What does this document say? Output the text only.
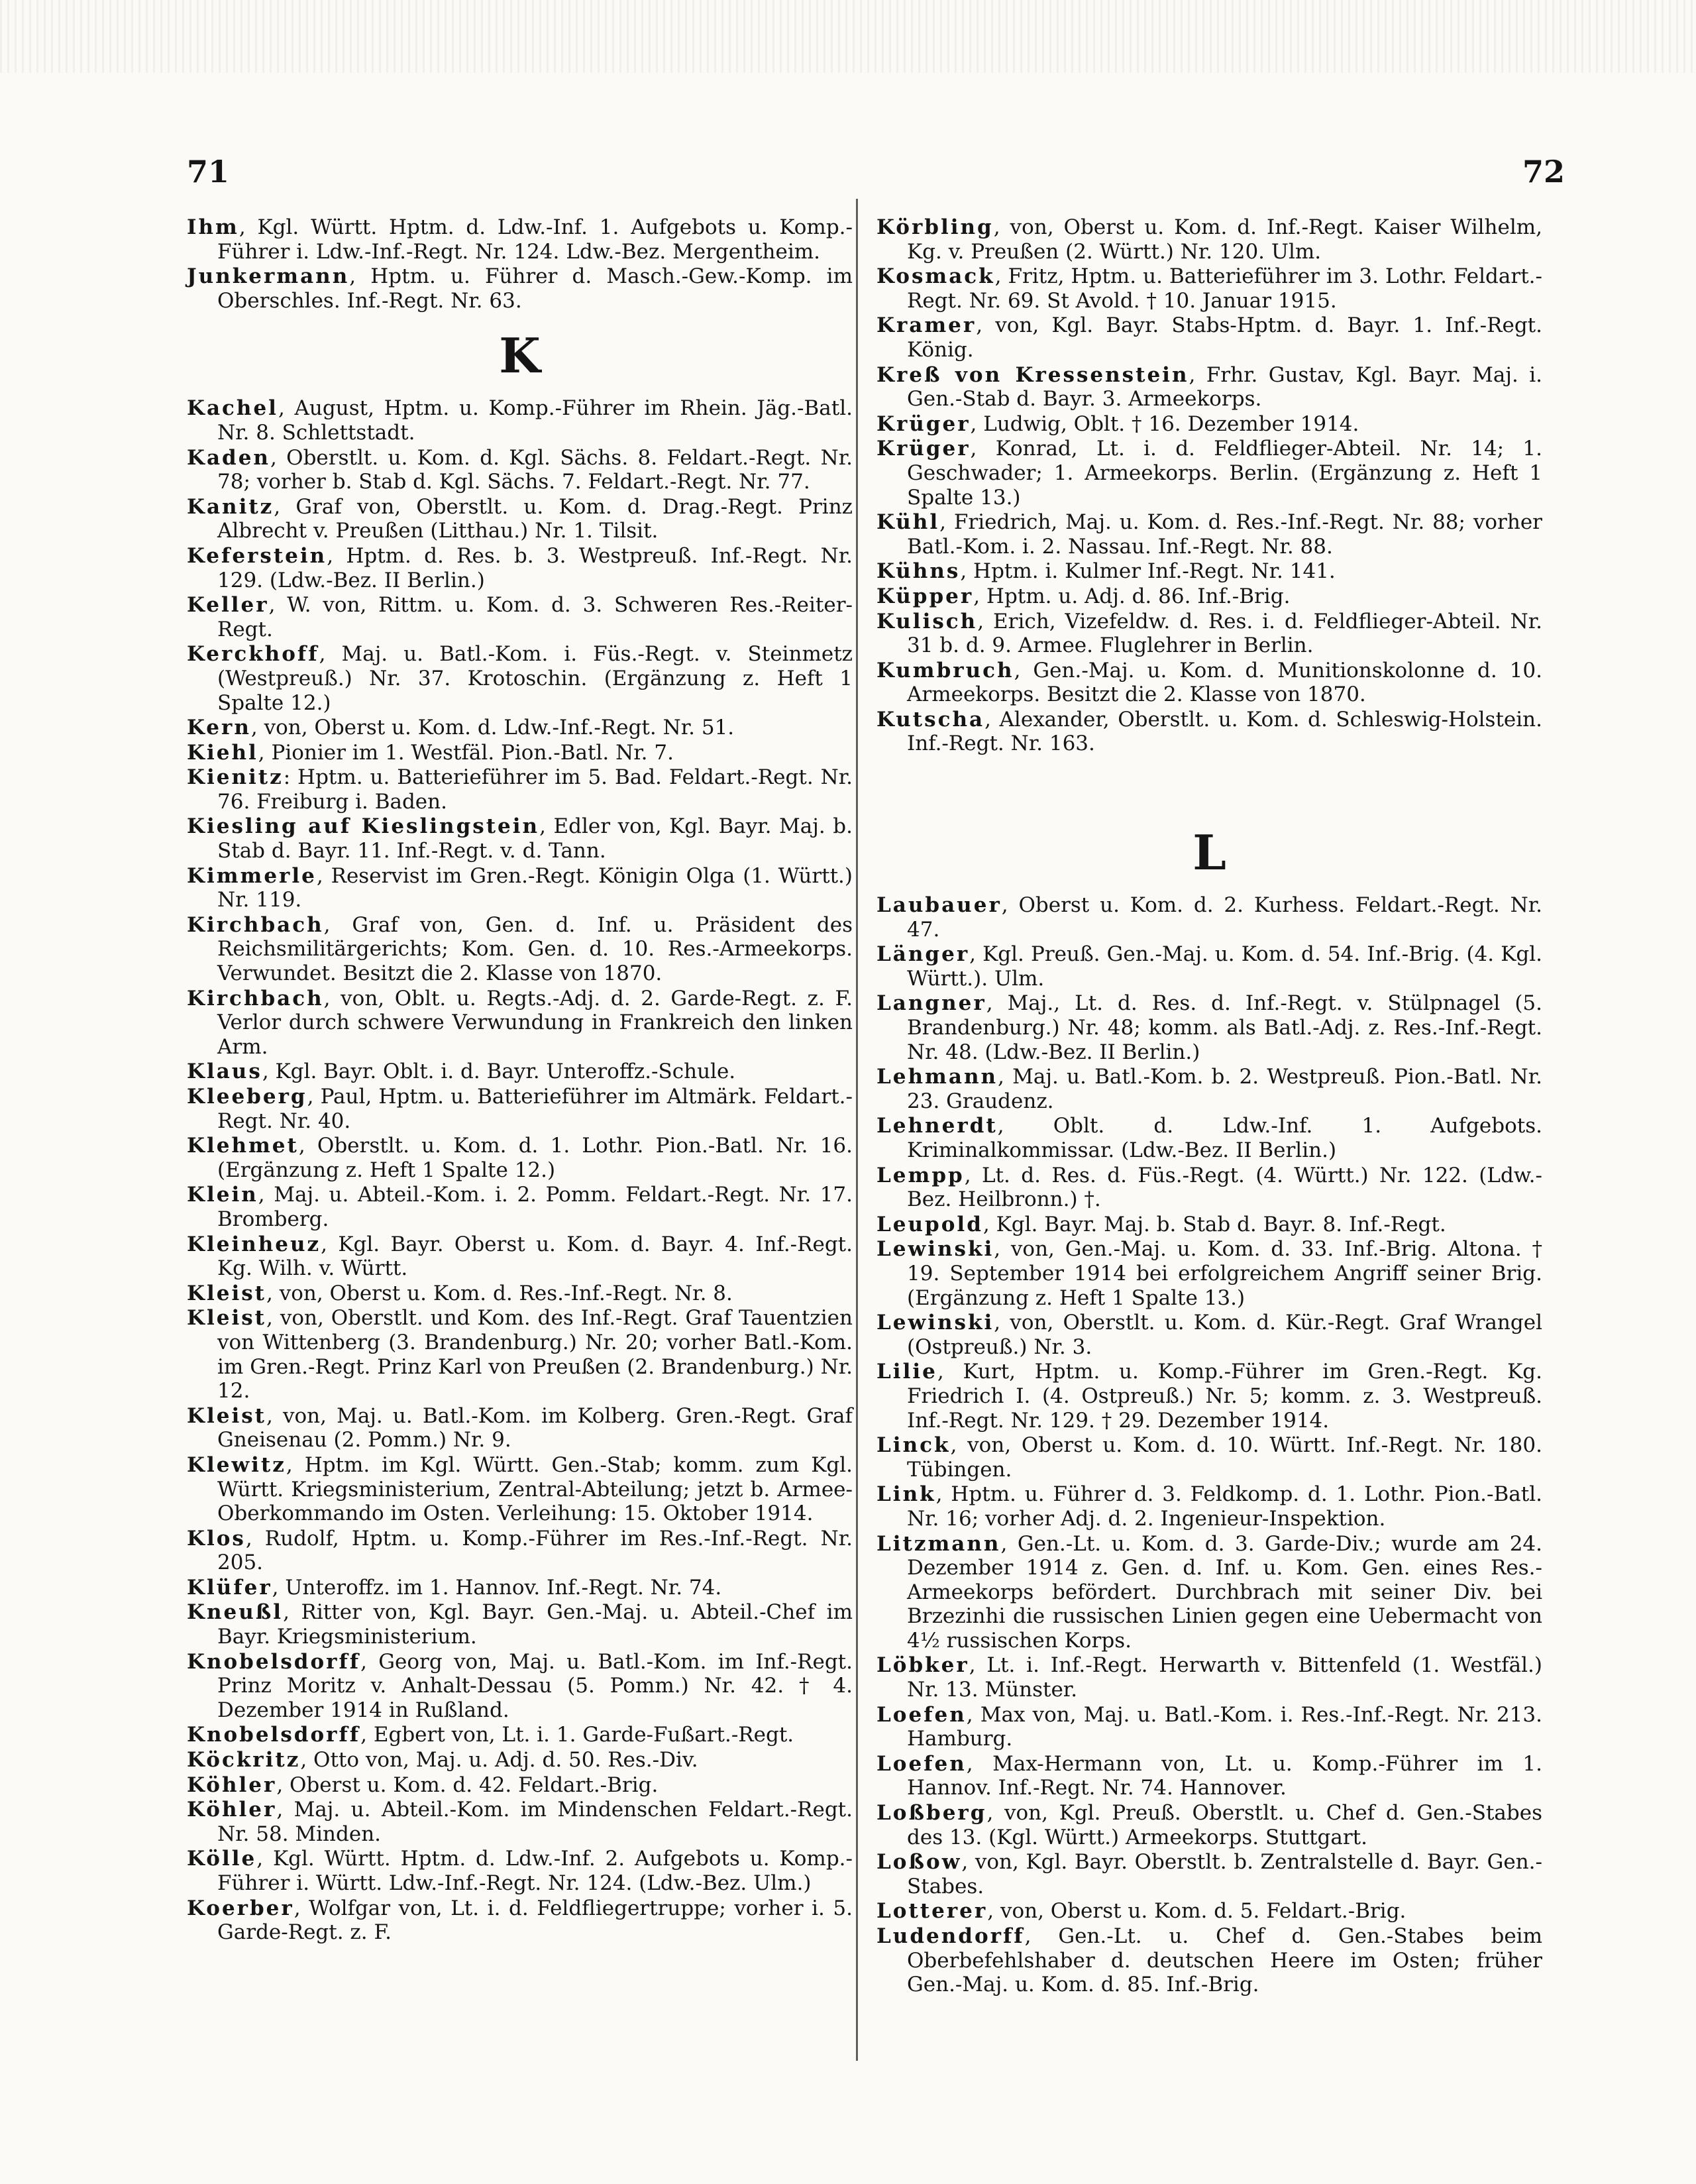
71	72

Ihm, Kgl. Württ. Hptm. d. Ldw.-Inf. 1. Aufgebots u. Komp.-Führer i. Ldw.-Inf.-Regt. Nr. 124. Ldw.-Bez. Mergentheim.

Junkermann, Hptm. u. Führer d. Masch.-Gew.-Komp. im Oberschles. Inf.-Regt. Nr. 63.

K

Kachel, August, Hptm. u. Komp.-Führer im Rhein. Jäg.-Batl. Nr. 8. Schlettstadt.

Kaden, Oberstlt. u. Kom. d. Kgl. Sächs. 8. Feldart.-Regt. Nr. 78; vorher b. Stab d. Kgl. Sächs. 7. Feldart.-Regt. Nr. 77.

Kanitz, Graf von, Oberstlt. u. Kom. d. Drag.-Regt. Prinz Albrecht v. Preußen (Litthau.) Nr. 1. Tilsit.

Keferstein, Hptm. d. Res. b. 3. Westpreuß. Inf.-Regt. Nr. 129. (Ldw.-Bez. II Berlin.)

Keller, W. von, Rittm. u. Kom. d. 3. Schweren Res.-Reiter-Regt.

Kerckhoff, Maj. u. Batl.-Kom. i. Füs.-Regt. v. Steinmetz (Westpreuß.) Nr. 37. Krotoschin. (Ergänzung z. Heft 1 Spalte 12.)

Kern, von, Oberst u. Kom. d. Ldw.-Inf.-Regt. Nr. 51.

Kiehl, Pionier im 1. Westfäl. Pion.-Batl. Nr. 7.

Kienitz: Hptm. u. Batterieführer im 5. Bad. Feldart.-Regt. Nr. 76. Freiburg i. Baden.

Kiesling auf Kieslingstein, Edler von, Kgl. Bayr. Maj. b. Stab d. Bayr. 11. Inf.-Regt. v. d. Tann.

Kimmerle, Reservist im Gren.-Regt. Königin Olga (1. Württ.) Nr. 119.

Kirchbach, Graf von, Gen. d. Inf. u. Präsident des Reichsmilitärgerichts; Kom. Gen. d. 10. Res.-Armeekorps. Verwundet. Besitzt die 2. Klasse von 1870.

Kirchbach, von, Oblt. u. Regts.-Adj. d. 2. Garde-Regt. z. F. Verlor durch schwere Verwundung in Frankreich den linken Arm.

Klaus, Kgl. Bayr. Oblt. i. d. Bayr. Unteroffz.-Schule.

Kleeberg, Paul, Hptm. u. Batterieführer im Altmärk. Feldart.-Regt. Nr. 40.

Klehmet, Oberstlt. u. Kom. d. 1. Lothr. Pion.-Batl. Nr. 16. (Ergänzung z. Heft 1 Spalte 12.)

Klein, Maj. u. Abteil.-Kom. i. 2. Pomm. Feldart.-Regt. Nr. 17. Bromberg.

Kleinheuz, Kgl. Bayr. Oberst u. Kom. d. Bayr. 4. Inf.-Regt. Kg. Wilh. v. Württ.

Kleist, von, Oberst u. Kom. d. Res.-Inf.-Regt. Nr. 8.

Kleist, von, Oberstlt. und Kom. des Inf.-Regt. Graf Tauentzien von Wittenberg (3. Brandenburg.) Nr. 20; vorher Batl.-Kom. im Gren.-Regt. Prinz Karl von Preußen (2. Brandenburg.) Nr. 12.

Kleist, von, Maj. u. Batl.-Kom. im Kolberg. Gren.-Regt. Graf Gneisenau (2. Pomm.) Nr. 9.

Klewitz, Hptm. im Kgl. Württ. Gen.-Stab; komm. zum Kgl. Württ. Kriegsministerium, Zentral-Abteilung; jetzt b. Armee-Oberkommando im Osten. Verleihung: 15. Oktober 1914.

Klos, Rudolf, Hptm. u. Komp.-Führer im Res.-Inf.-Regt. Nr. 205.

Klüfer, Unteroffz. im 1. Hannov. Inf.-Regt. Nr. 74.

Kneußl, Ritter von, Kgl. Bayr. Gen.-Maj. u. Abteil.-Chef im Bayr. Kriegsministerium.

Knobelsdorff, Georg von, Maj. u. Batl.-Kom. im Inf.-Regt. Prinz Moritz v. Anhalt-Dessau (5. Pomm.) Nr. 42. † 4. Dezember 1914 in Rußland.

Knobelsdorff, Egbert von, Lt. i. 1. Garde-Fußart.-Regt.

Köckritz, Otto von, Maj. u. Adj. d. 50. Res.-Div.

Köhler, Oberst u. Kom. d. 42. Feldart.-Brig.

Köhler, Maj. u. Abteil.-Kom. im Mindenschen Feldart.-Regt. Nr. 58. Minden.

Kölle, Kgl. Württ. Hptm. d. Ldw.-Inf. 2. Aufgebots u. Komp.-Führer i. Württ. Ldw.-Inf.-Regt. Nr. 124. (Ldw.-Bez. Ulm.)

Koerber, Wolfgar von, Lt. i. d. Feldfliegertruppe; vorher i. 5. Garde-Regt. z. F.

Körbling, von, Oberst u. Kom. d. Inf.-Regt. Kaiser Wilhelm, Kg. v. Preußen (2. Württ.) Nr. 120. Ulm.

Kosmack, Fritz, Hptm. u. Batterieführer im 3. Lothr. Feldart.-Regt. Nr. 69. St Avold. † 10. Januar 1915.

Kramer, von, Kgl. Bayr. Stabs-Hptm. d. Bayr. 1. Inf.-Regt. König.

Kreß von Kressenstein, Frhr. Gustav, Kgl. Bayr. Maj. i. Gen.-Stab d. Bayr. 3. Armeekorps.

Krüger, Ludwig, Oblt. † 16. Dezember 1914.

Krüger, Konrad, Lt. i. d. Feldflieger-Abteil. Nr. 14; 1. Geschwader; 1. Armeekorps. Berlin. (Ergänzung z. Heft 1 Spalte 13.)

Kühl, Friedrich, Maj. u. Kom. d. Res.-Inf.-Regt. Nr. 88; vorher Batl.-Kom. i. 2. Nassau. Inf.-Regt. Nr. 88.

Kühns, Hptm. i. Kulmer Inf.-Regt. Nr. 141.

Küpper, Hptm. u. Adj. d. 86. Inf.-Brig.

Kulisch, Erich, Vizefeldw. d. Res. i. d. Feldflieger-Abteil. Nr. 31 b. d. 9. Armee. Fluglehrer in Berlin.

Kumbruch, Gen.-Maj. u. Kom. d. Munitionskolonne d. 10. Armeekorps. Besitzt die 2. Klasse von 1870.

Kutscha, Alexander, Oberstlt. u. Kom. d. Schleswig-Holstein. Inf.-Regt. Nr. 163.

L

Laubauer, Oberst u. Kom. d. 2. Kurhess. Feldart.-Regt. Nr. 47.

Länger, Kgl. Preuß. Gen.-Maj. u. Kom. d. 54. Inf.-Brig. (4. Kgl. Württ.). Ulm.

Langner, Maj., Lt. d. Res. d. Inf.-Regt. v. Stülpnagel (5. Brandenburg.) Nr. 48; komm. als Batl.-Adj. z. Res.-Inf.-Regt. Nr. 48. (Ldw.-Bez. II Berlin.)

Lehmann, Maj. u. Batl.-Kom. b. 2. Westpreuß. Pion.-Batl. Nr. 23. Graudenz.

Lehnerdt, Oblt. d. Ldw.-Inf. 1. Aufgebots. Kriminalkommissar. (Ldw.-Bez. II Berlin.)

Lempp, Lt. d. Res. d. Füs.-Regt. (4. Württ.) Nr. 122. (Ldw.-Bez. Heilbronn.) †.

Leupold, Kgl. Bayr. Maj. b. Stab d. Bayr. 8. Inf.-Regt.

Lewinski, von, Gen.-Maj. u. Kom. d. 33. Inf.-Brig. Altona. † 19. September 1914 bei erfolgreichem Angriff seiner Brig. (Ergänzung z. Heft 1 Spalte 13.)

Lewinski, von, Oberstlt. u. Kom. d. Kür.-Regt. Graf Wrangel (Ostpreuß.) Nr. 3.

Lilie, Kurt, Hptm. u. Komp.-Führer im Gren.-Regt. Kg. Friedrich I. (4. Ostpreuß.) Nr. 5; komm. z. 3. Westpreuß. Inf.-Regt. Nr. 129. † 29. Dezember 1914.

Linck, von, Oberst u. Kom. d. 10. Württ. Inf.-Regt. Nr. 180. Tübingen.

Link, Hptm. u. Führer d. 3. Feldkomp. d. 1. Lothr. Pion.-Batl. Nr. 16; vorher Adj. d. 2. Ingenieur-Inspektion.

Litzmann, Gen.-Lt. u. Kom. d. 3. Garde-Div.; wurde am 24. Dezember 1914 z. Gen. d. Inf. u. Kom. Gen. eines Res.-Armeekorps befördert. Durchbrach mit seiner Div. bei Brzezinhi die russischen Linien gegen eine Uebermacht von 4½ russischen Korps.

Löbker, Lt. i. Inf.-Regt. Herwarth v. Bittenfeld (1. Westfäl.) Nr. 13. Münster.

Loefen, Max von, Maj. u. Batl.-Kom. i. Res.-Inf.-Regt. Nr. 213. Hamburg.

Loefen, Max-Hermann von, Lt. u. Komp.-Führer im 1. Hannov. Inf.-Regt. Nr. 74. Hannover.

Loßberg, von, Kgl. Preuß. Oberstlt. u. Chef d. Gen.-Stabes des 13. (Kgl. Württ.) Armeekorps. Stuttgart.

Loßow, von, Kgl. Bayr. Oberstlt. b. Zentralstelle d. Bayr. Gen.-Stabes.

Lotterer, von, Oberst u. Kom. d. 5. Feldart.-Brig.

Ludendorff, Gen.-Lt. u. Chef d. Gen.-Stabes beim Oberbefehlshaber d. deutschen Heere im Osten; früher Gen.-Maj. u. Kom. d. 85. Inf.-Brig.
